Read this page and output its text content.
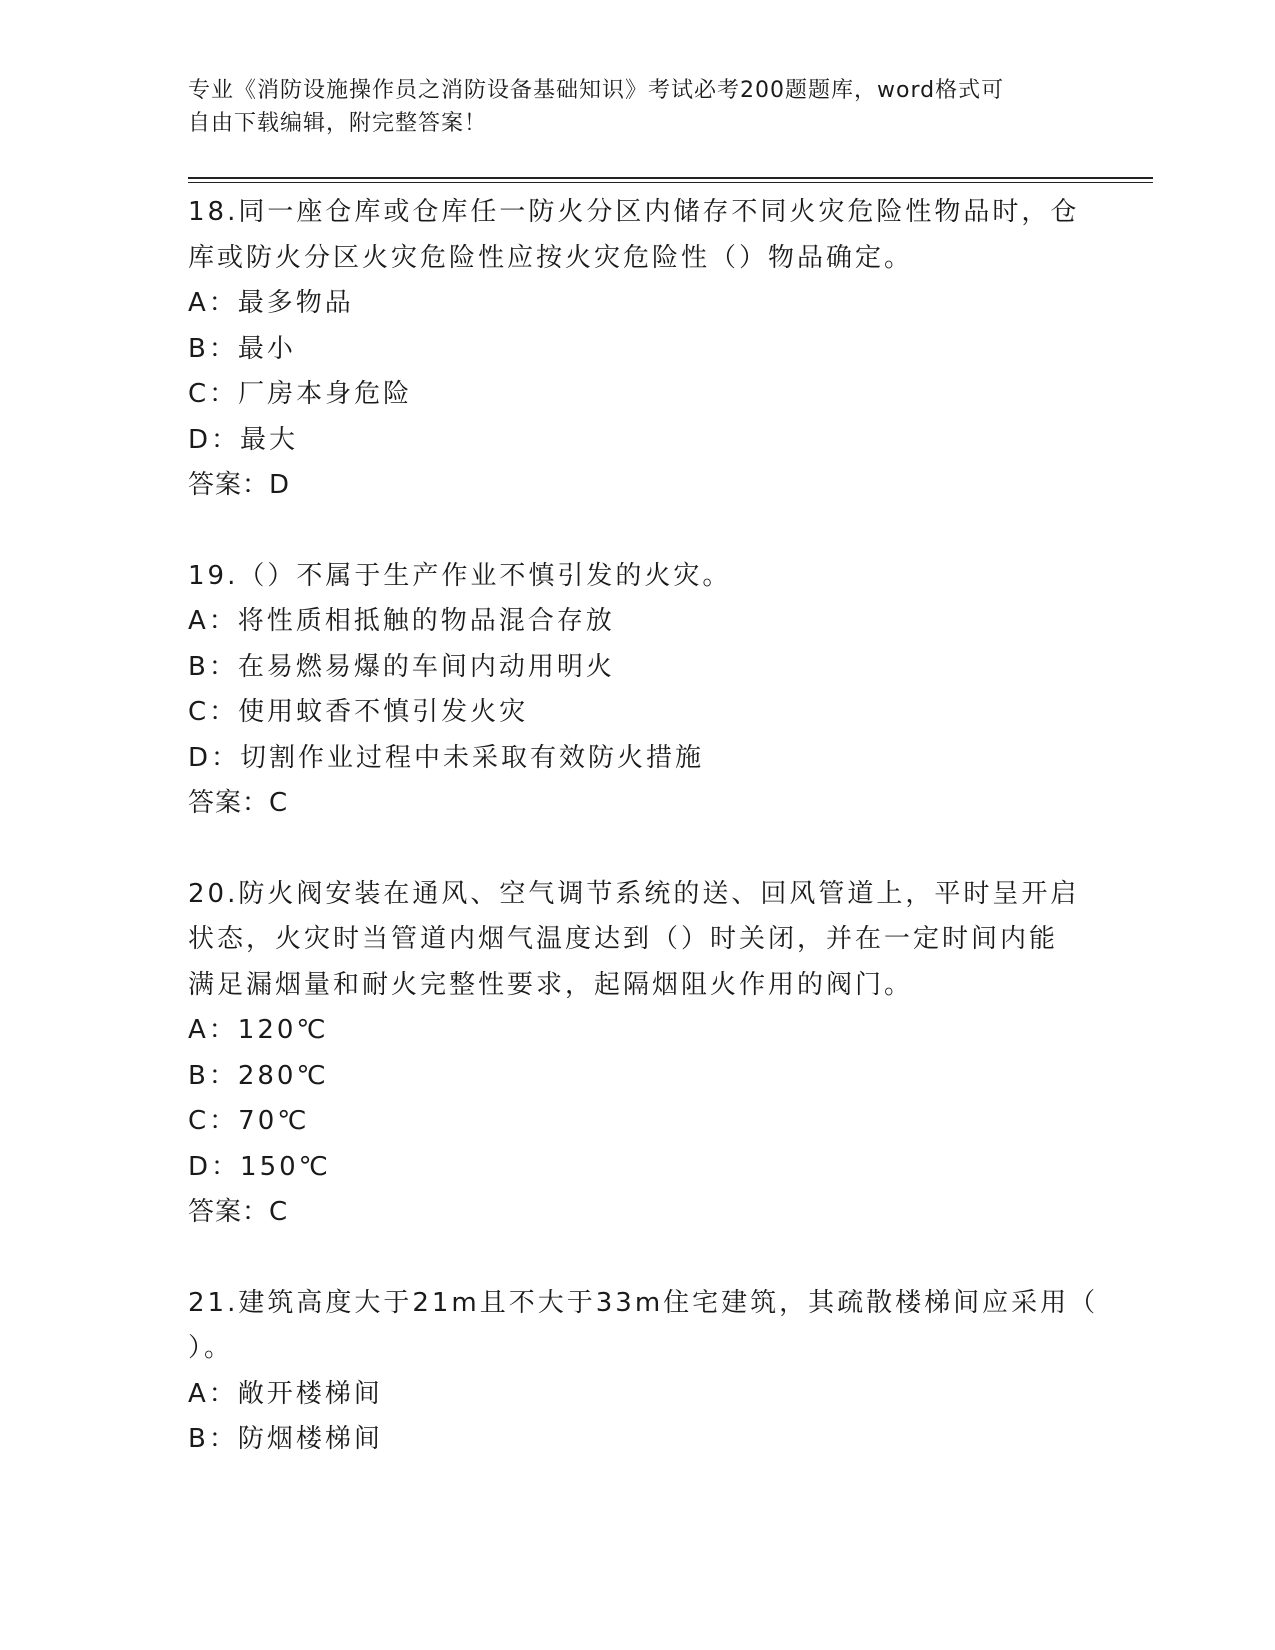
专业《消防设施操作员之消防设备基础知识》考试必考200题题库，word格式可
自由下载编辑，附完整答案！
18.同一座仓库或仓库任一防火分区内储存不同火灾危险性物品时，仓
库或防火分区火灾危险性应按火灾危险性（）物品确定。
A：最多物品
B：最小
C：厂房本身危险
D：最大
答案：D
19.（）不属于生产作业不慎引发的火灾。
A：将性质相抵触的物品混合存放
B：在易燃易爆的车间内动用明火
C：使用蚊香不慎引发火灾
D：切割作业过程中未采取有效防火措施
答案：C
20.防火阀安装在通风、空气调节系统的送、回风管道上，平时呈开启
状态，火灾时当管道内烟气温度达到（）时关闭，并在一定时间内能
满足漏烟量和耐火完整性要求，起隔烟阻火作用的阀门。
A：120℃
B：280℃
C：70℃
D：150℃
答案：C
21.建筑高度大于21m且不大于33m住宅建筑，其疏散楼梯间应采用（
）。
A：敞开楼梯间
B：防烟楼梯间
